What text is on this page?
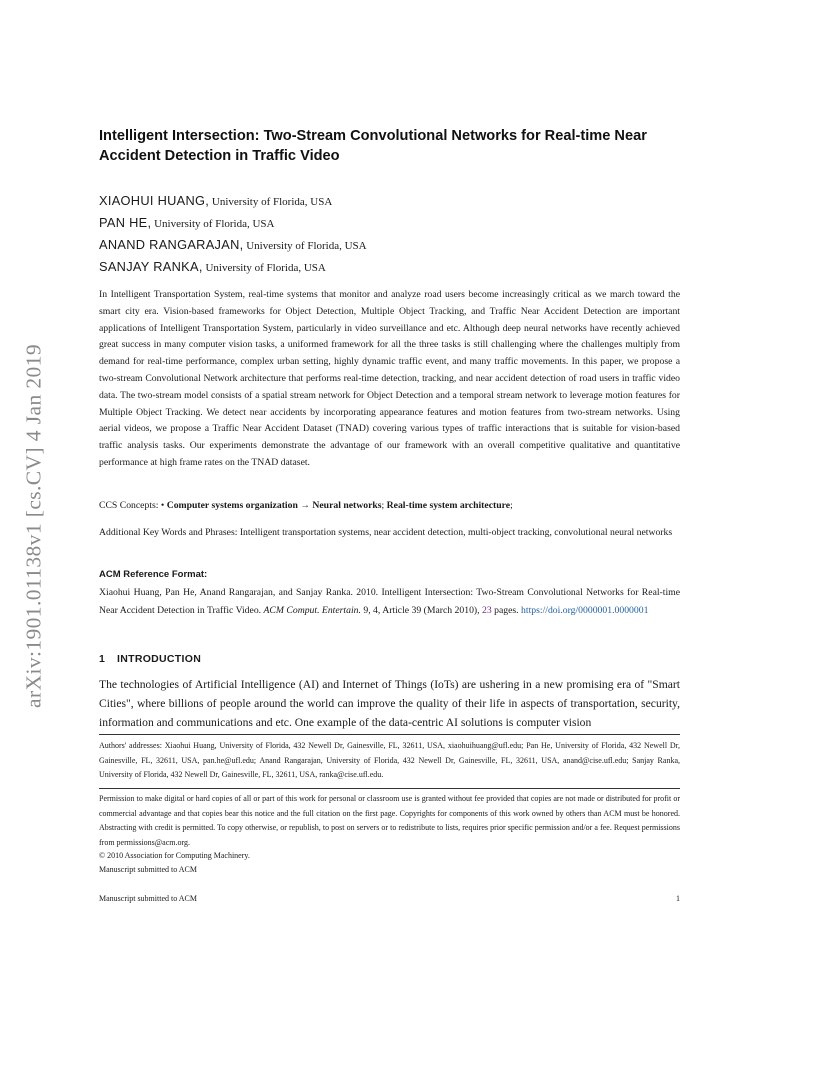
arXiv:1901.01138v1 [cs.CV] 4 Jan 2019
Intelligent Intersection: Two-Stream Convolutional Networks for Real-time Near Accident Detection in Traffic Video
XIAOHUI HUANG, University of Florida, USA
PAN HE, University of Florida, USA
ANAND RANGARAJAN, University of Florida, USA
SANJAY RANKA, University of Florida, USA

In Intelligent Transportation System, real-time systems that monitor and analyze road users become increasingly critical as we march toward the smart city era. Vision-based frameworks for Object Detection, Multiple Object Tracking, and Traffic Near Accident Detection are important applications of Intelligent Transportation System, particularly in video surveillance and etc. Although deep neural networks have recently achieved great success in many computer vision tasks, a uniformed framework for all the three tasks is still challenging where the challenges multiply from demand for real-time performance, complex urban setting, highly dynamic traffic event, and many traffic movements. In this paper, we propose a two-stream Convolutional Network architecture that performs real-time detection, tracking, and near accident detection of road users in traffic video data. The two-stream model consists of a spatial stream network for Object Detection and a temporal stream network to leverage motion features for Multiple Object Tracking. We detect near accidents by incorporating appearance features and motion features from two-stream networks. Using aerial videos, we propose a Traffic Near Accident Dataset (TNAD) covering various types of traffic interactions that is suitable for vision-based traffic analysis tasks. Our experiments demonstrate the advantage of our framework with an overall competitive qualitative and quantitative performance at high frame rates on the TNAD dataset.

CCS Concepts: • Computer systems organization → Neural networks; Real-time system architecture;

Additional Key Words and Phrases: Intelligent transportation systems, near accident detection, multi-object tracking, convolutional neural networks

ACM Reference Format:

Xiaohui Huang, Pan He, Anand Rangarajan, and Sanjay Ranka. 2010. Intelligent Intersection: Two-Stream Convolutional Networks for Real-time Near Accident Detection in Traffic Video. ACM Comput. Entertain. 9, 4, Article 39 (March 2010), 23 pages. https://doi.org/0000001.0000001

1 INTRODUCTION

The technologies of Artificial Intelligence (AI) and Internet of Things (IoTs) are ushering in a new promising era of "Smart Cities", where billions of people around the world can improve the quality of their life in aspects of transportation, security, information and communications and etc. One example of the data-centric AI solutions is computer vision

Authors' addresses: Xiaohui Huang, University of Florida, 432 Newell Dr, Gainesville, FL, 32611, USA, xiaohuihuang@ufl.edu; Pan He, University of Florida, 432 Newell Dr, Gainesville, FL, 32611, USA, pan.he@ufl.edu; Anand Rangarajan, University of Florida, 432 Newell Dr, Gainesville, FL, 32611, USA, anand@cise.ufl.edu; Sanjay Ranka, University of Florida, 432 Newell Dr, Gainesville, FL, 32611, USA, ranka@cise.ufl.edu.

Permission to make digital or hard copies of all or part of this work for personal or classroom use is granted without fee provided that copies are not made or distributed for profit or commercial advantage and that copies bear this notice and the full citation on the first page. Copyrights for components of this work owned by others than ACM must be honored. Abstracting with credit is permitted. To copy otherwise, or republish, to post on servers or to redistribute to lists, requires prior specific permission and/or a fee. Request permissions from permissions@acm.org.

© 2010 Association for Computing Machinery.

Manuscript submitted to ACM

Manuscript submitted to ACM	1
